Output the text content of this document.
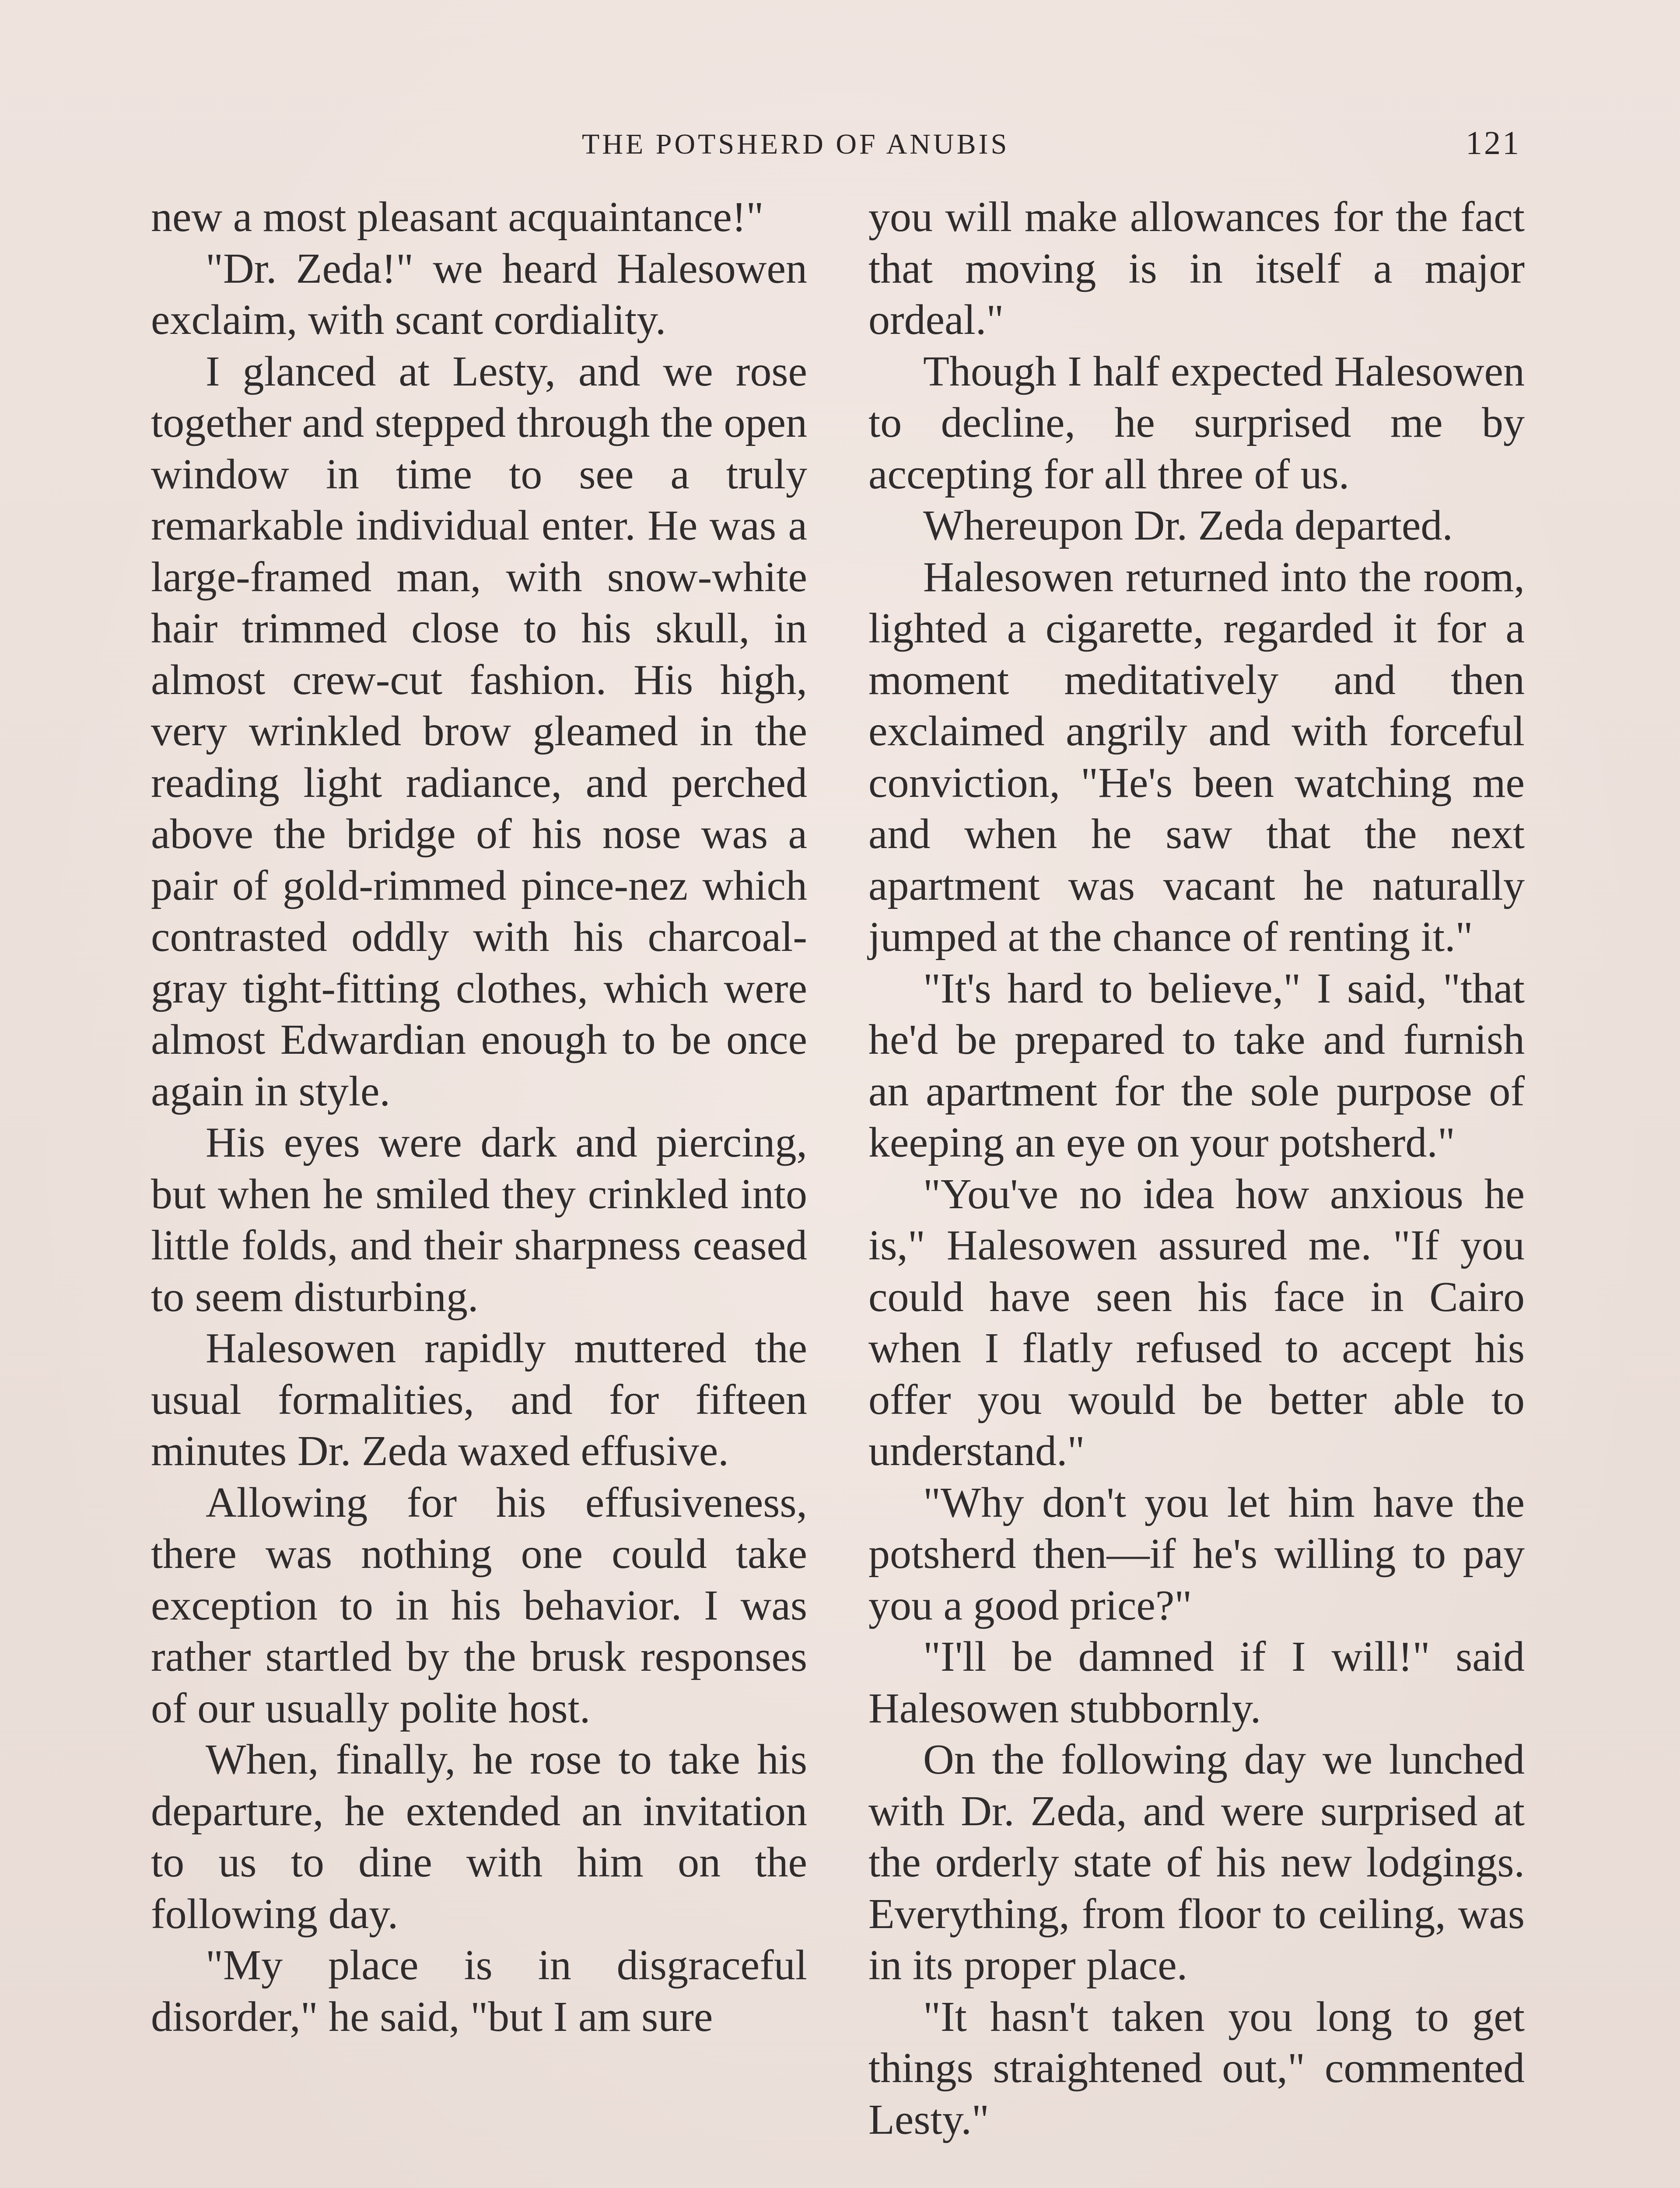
THE POTSHERD OF ANUBIS	121

new a most pleasant acquaintance!"

"Dr. Zeda!" we heard Halesowen exclaim, with scant cordiality.

I glanced at Lesty, and we rose together and stepped through the open window in time to see a truly remarkable individual enter. He was a large-framed man, with snow-white hair trimmed close to his skull, in almost crew-cut fashion. His high, very wrinkled brow gleamed in the reading light radiance, and perched above the bridge of his nose was a pair of gold-rimmed pince-nez which contrasted oddly with his charcoal-gray tight-fitting clothes, which were almost Edwardian enough to be once again in style.

His eyes were dark and piercing, but when he smiled they crinkled into little folds, and their sharpness ceased to seem disturbing.

Halesowen rapidly muttered the usual formalities, and for fifteen minutes Dr. Zeda waxed effusive.

Allowing for his effusiveness, there was nothing one could take exception to in his behavior. I was rather startled by the brusk responses of our usually polite host.

When, finally, he rose to take his departure, he extended an invitation to us to dine with him on the following day.

"My place is in disgraceful disorder," he said, "but I am sure

you will make allowances for the fact that moving is in itself a major ordeal."

Though I half expected Halesowen to decline, he surprised me by accepting for all three of us.

Whereupon Dr. Zeda departed.

Halesowen returned into the room, lighted a cigarette, regarded it for a moment meditatively and then exclaimed angrily and with forceful conviction, "He's been watching me and when he saw that the next apartment was vacant he naturally jumped at the chance of renting it."

"It's hard to believe," I said, "that he'd be prepared to take and furnish an apartment for the sole purpose of keeping an eye on your potsherd."

"You've no idea how anxious he is," Halesowen assured me. "If you could have seen his face in Cairo when I flatly refused to accept his offer you would be better able to understand."

"Why don't you let him have the potsherd then—if he's willing to pay you a good price?"

"I'll be damned if I will!" said Halesowen stubbornly.

On the following day we lunched with Dr. Zeda, and were surprised at the orderly state of his new lodgings. Everything, from floor to ceiling, was in its proper place.

"It hasn't taken you long to get things straightened out," commented Lesty."
